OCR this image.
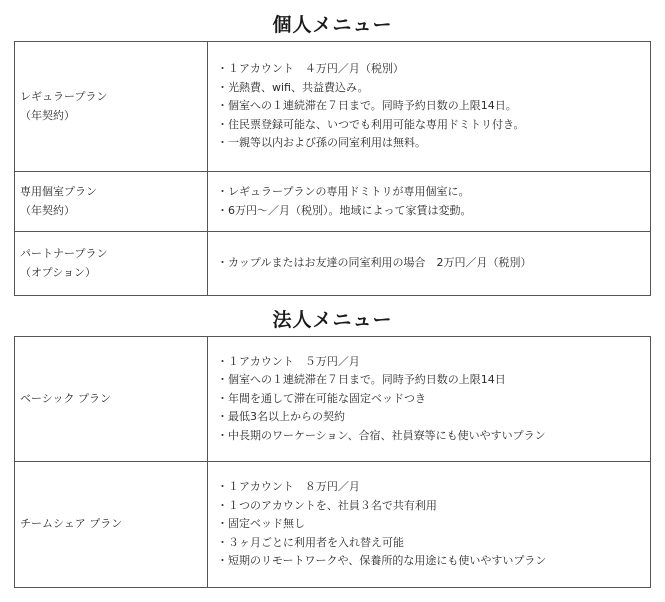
個人メニュー
レギュラープラン
（年契約）	・ １アカウント　４万円／月（税別）
・ 光熱費、wifi、共益費込み。
・ 個室への１連続滞在７日まで。同時予約日数の上限14日。
・ 住民票登録可能な、いつでも利用可能な専用ドミトリ付き。
・ 一親等以内および孫の同室利用は無料。

専用個室プラン
（年契約）	・ レギュラープランの専用ドミトリが専用個室に。
・ 6万円〜／月（税別）。地域によって家賃は変動。

パートナープラン
（オプション）	・ カップルまたはお友達の同室利用の場合　2万円／月（税別）
法人メニュー
ベーシック プラン	・ １アカウント　５万円／月
・ 個室への１連続滞在７日まで。同時予約日数の上限14日
・ 年間を通して滞在可能な固定ベッドつき
・ 最低3名以上からの契約
・ 中長期のワーケーション、合宿、社員寮等にも使いやすいプラン

チームシェア プラン	・ １アカウント　８万円／月
・ １つのアカウントを、社員３名で共有利用
・ 固定ベッド無し
・ ３ヶ月ごとに利用者を入れ替え可能
・ 短期のリモートワークや、保養所的な用途にも使いやすいプラン
